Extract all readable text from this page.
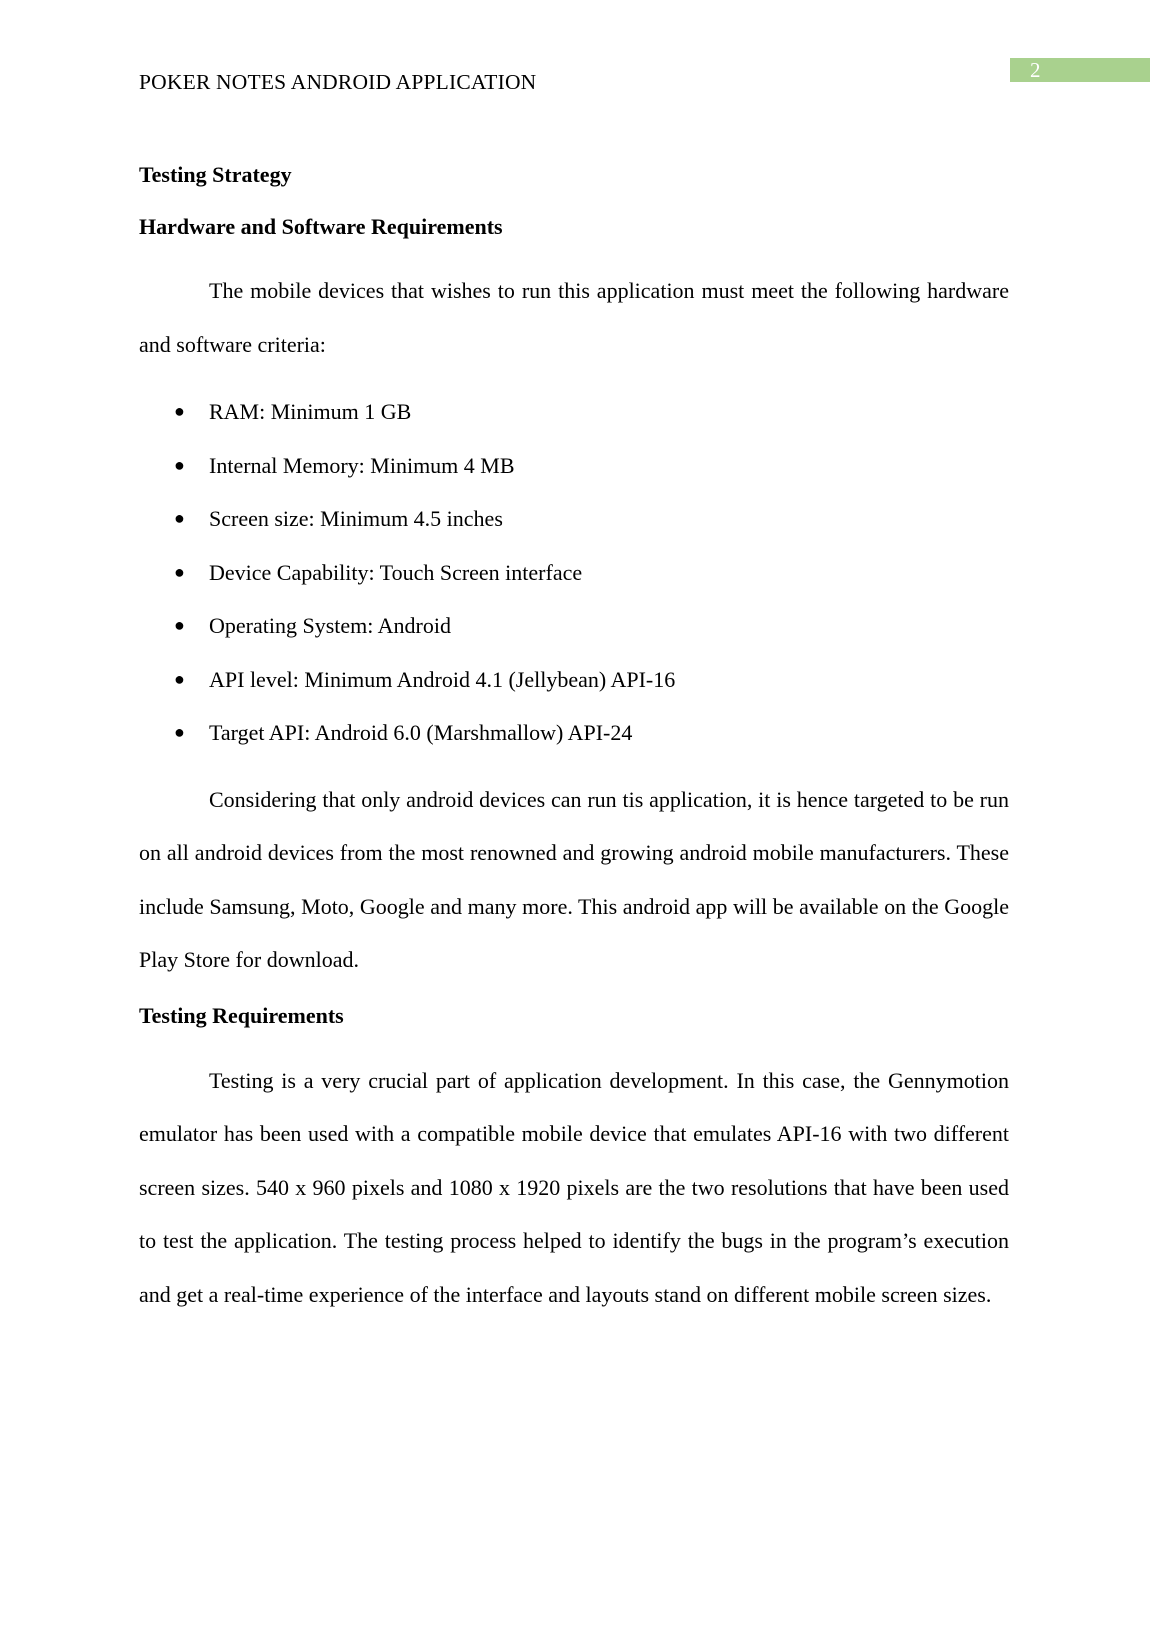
2
POKER NOTES ANDROID APPLICATION

Testing Strategy

Hardware and Software Requirements

The mobile devices that wishes to run this application must meet the following hardware and software criteria:

● RAM: Minimum 1 GB
● Internal Memory: Minimum 4 MB
● Screen size: Minimum 4.5 inches
● Device Capability: Touch Screen interface
● Operating System: Android
● API level: Minimum Android 4.1 (Jellybean) API-16
● Target API: Android 6.0 (Marshmallow) API-24

Considering that only android devices can run tis application, it is hence targeted to be run on all android devices from the most renowned and growing android mobile manufacturers. These include Samsung, Moto, Google and many more. This android app will be available on the Google Play Store for download.

Testing Requirements

Testing is a very crucial part of application development. In this case, the Gennymotion emulator has been used with a compatible mobile device that emulates API-16 with two different screen sizes. 540 x 960 pixels and 1080 x 1920 pixels are the two resolutions that have been used to test the application. The testing process helped to identify the bugs in the program’s execution and get a real-time experience of the interface and layouts stand on different mobile screen sizes.
